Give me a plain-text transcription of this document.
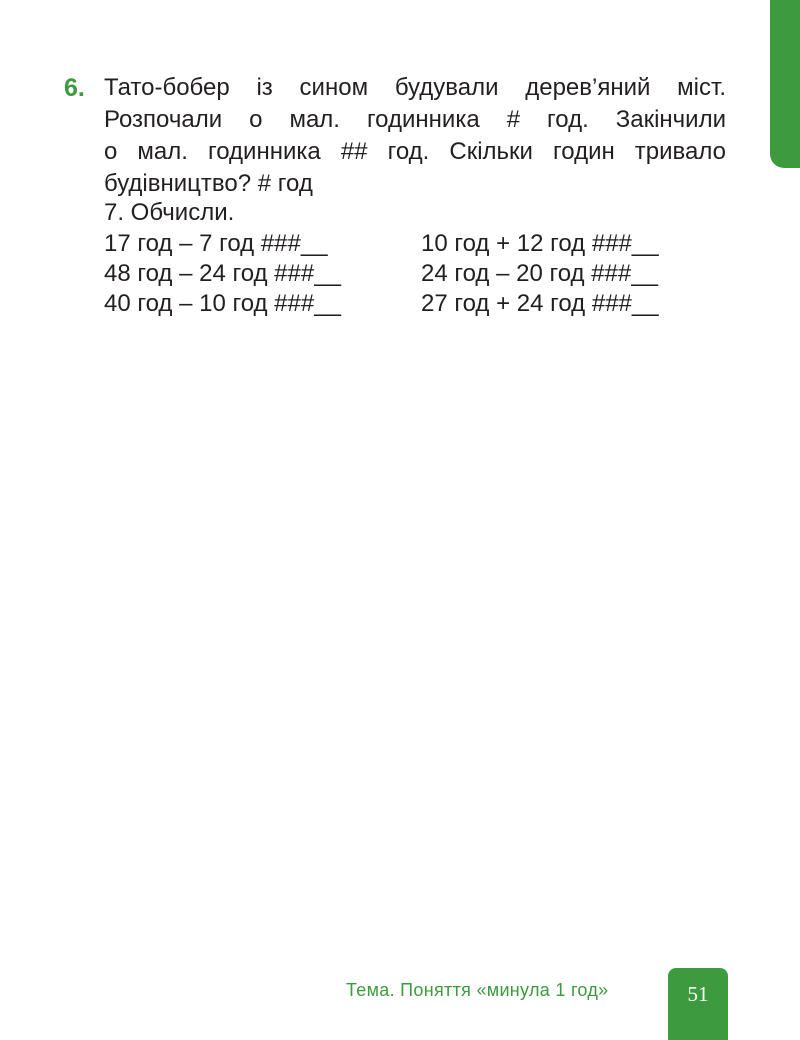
6. Тато-бобер із сином будували дерев’яний міст.
Розпочали о мал. годинника # год. Закінчили
о мал. годинника ## год. Скільки годин тривало
будівництво? # год
7. Обчисли.
17 год – 7 год ###__
48 год – 24 год ###__
40 год – 10 год ###__
10 год + 12 год ###__
24 год – 20 год ###__
27 год + 24 год ###__
Тема. Поняття «минула 1 год»	51
